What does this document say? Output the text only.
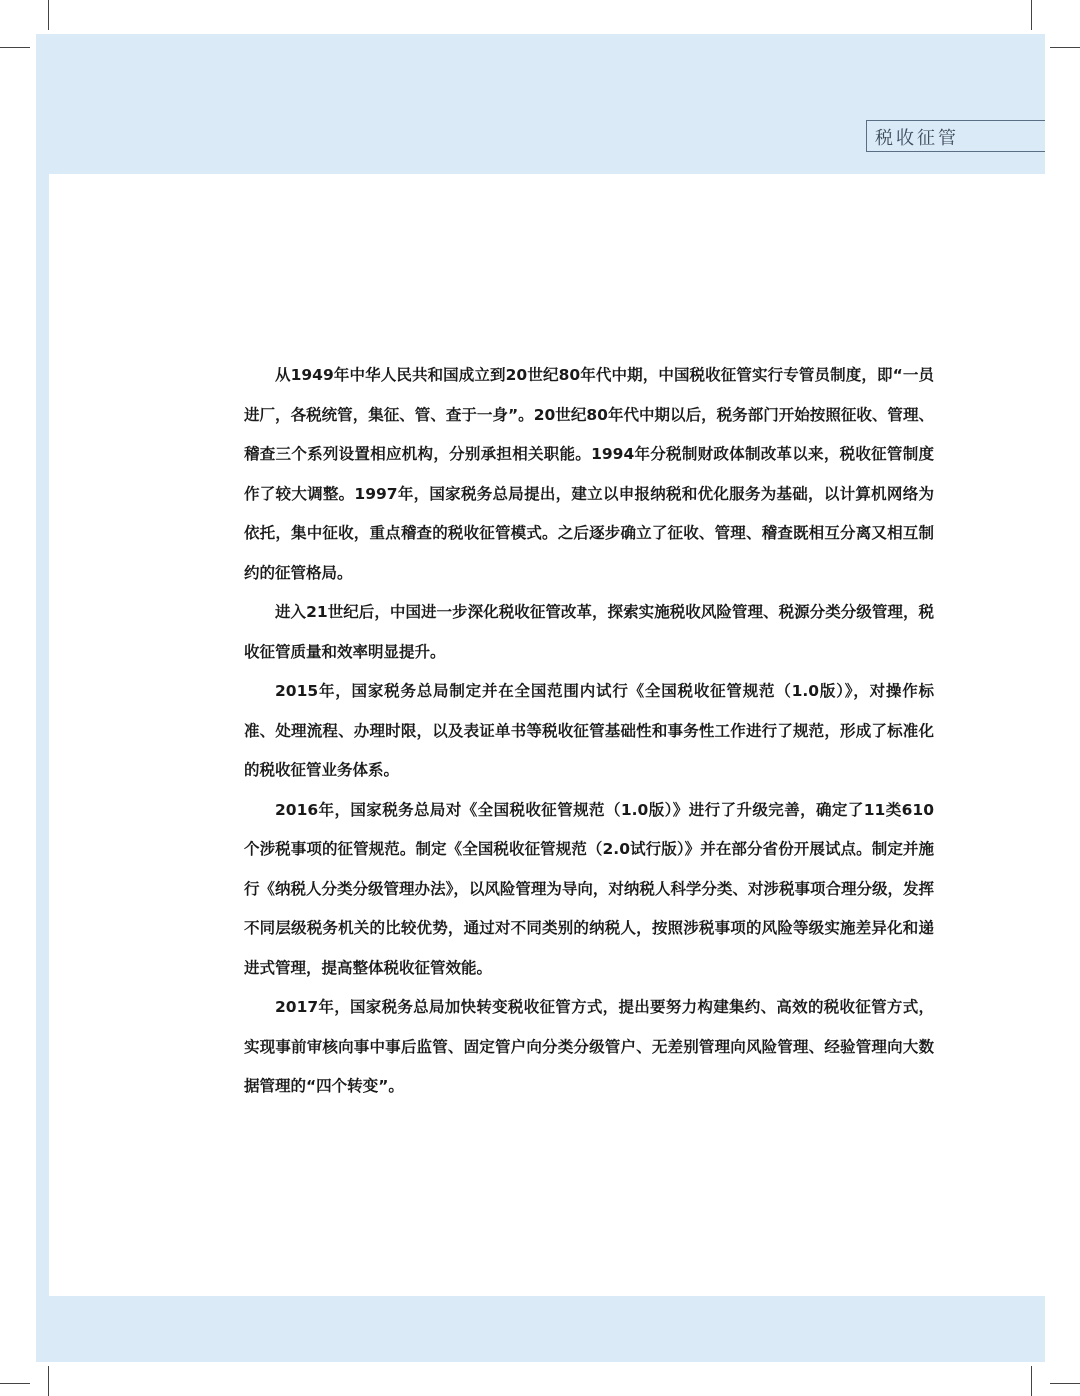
税收征管

从1949年中华人民共和国成立到20世纪80年代中期，中国税收征管实行专管员制度，即“一员进厂，各税统管，集征、管、查于一身”。20世纪80年代中期以后，税务部门开始按照征收、管理、稽查三个系列设置相应机构，分别承担相关职能。1994年分税制财政体制改革以来，税收征管制度作了较大调整。1997年，国家税务总局提出，建立以申报纳税和优化服务为基础，以计算机网络为依托，集中征收，重点稽查的税收征管模式。之后逐步确立了征收、管理、稽查既相互分离又相互制约的征管格局。

进入21世纪后，中国进一步深化税收征管改革，探索实施税收风险管理、税源分类分级管理，税收征管质量和效率明显提升。

2015年，国家税务总局制定并在全国范围内试行《全国税收征管规范（1.0版）》，对操作标准、处理流程、办理时限，以及表证单书等税收征管基础性和事务性工作进行了规范，形成了标准化的税收征管业务体系。

2016年，国家税务总局对《全国税收征管规范（1.0版）》进行了升级完善，确定了11类610个涉税事项的征管规范。制定《全国税收征管规范（2.0试行版）》并在部分省份开展试点。制定并施行《纳税人分类分级管理办法》，以风险管理为导向，对纳税人科学分类、对涉税事项合理分级，发挥不同层级税务机关的比较优势，通过对不同类别的纳税人，按照涉税事项的风险等级实施差异化和递进式管理，提高整体税收征管效能。

2017年，国家税务总局加快转变税收征管方式，提出要努力构建集约、高效的税收征管方式，实现事前审核向事中事后监管、固定管户向分类分级管户、无差别管理向风险管理、经验管理向大数据管理的“四个转变”。
